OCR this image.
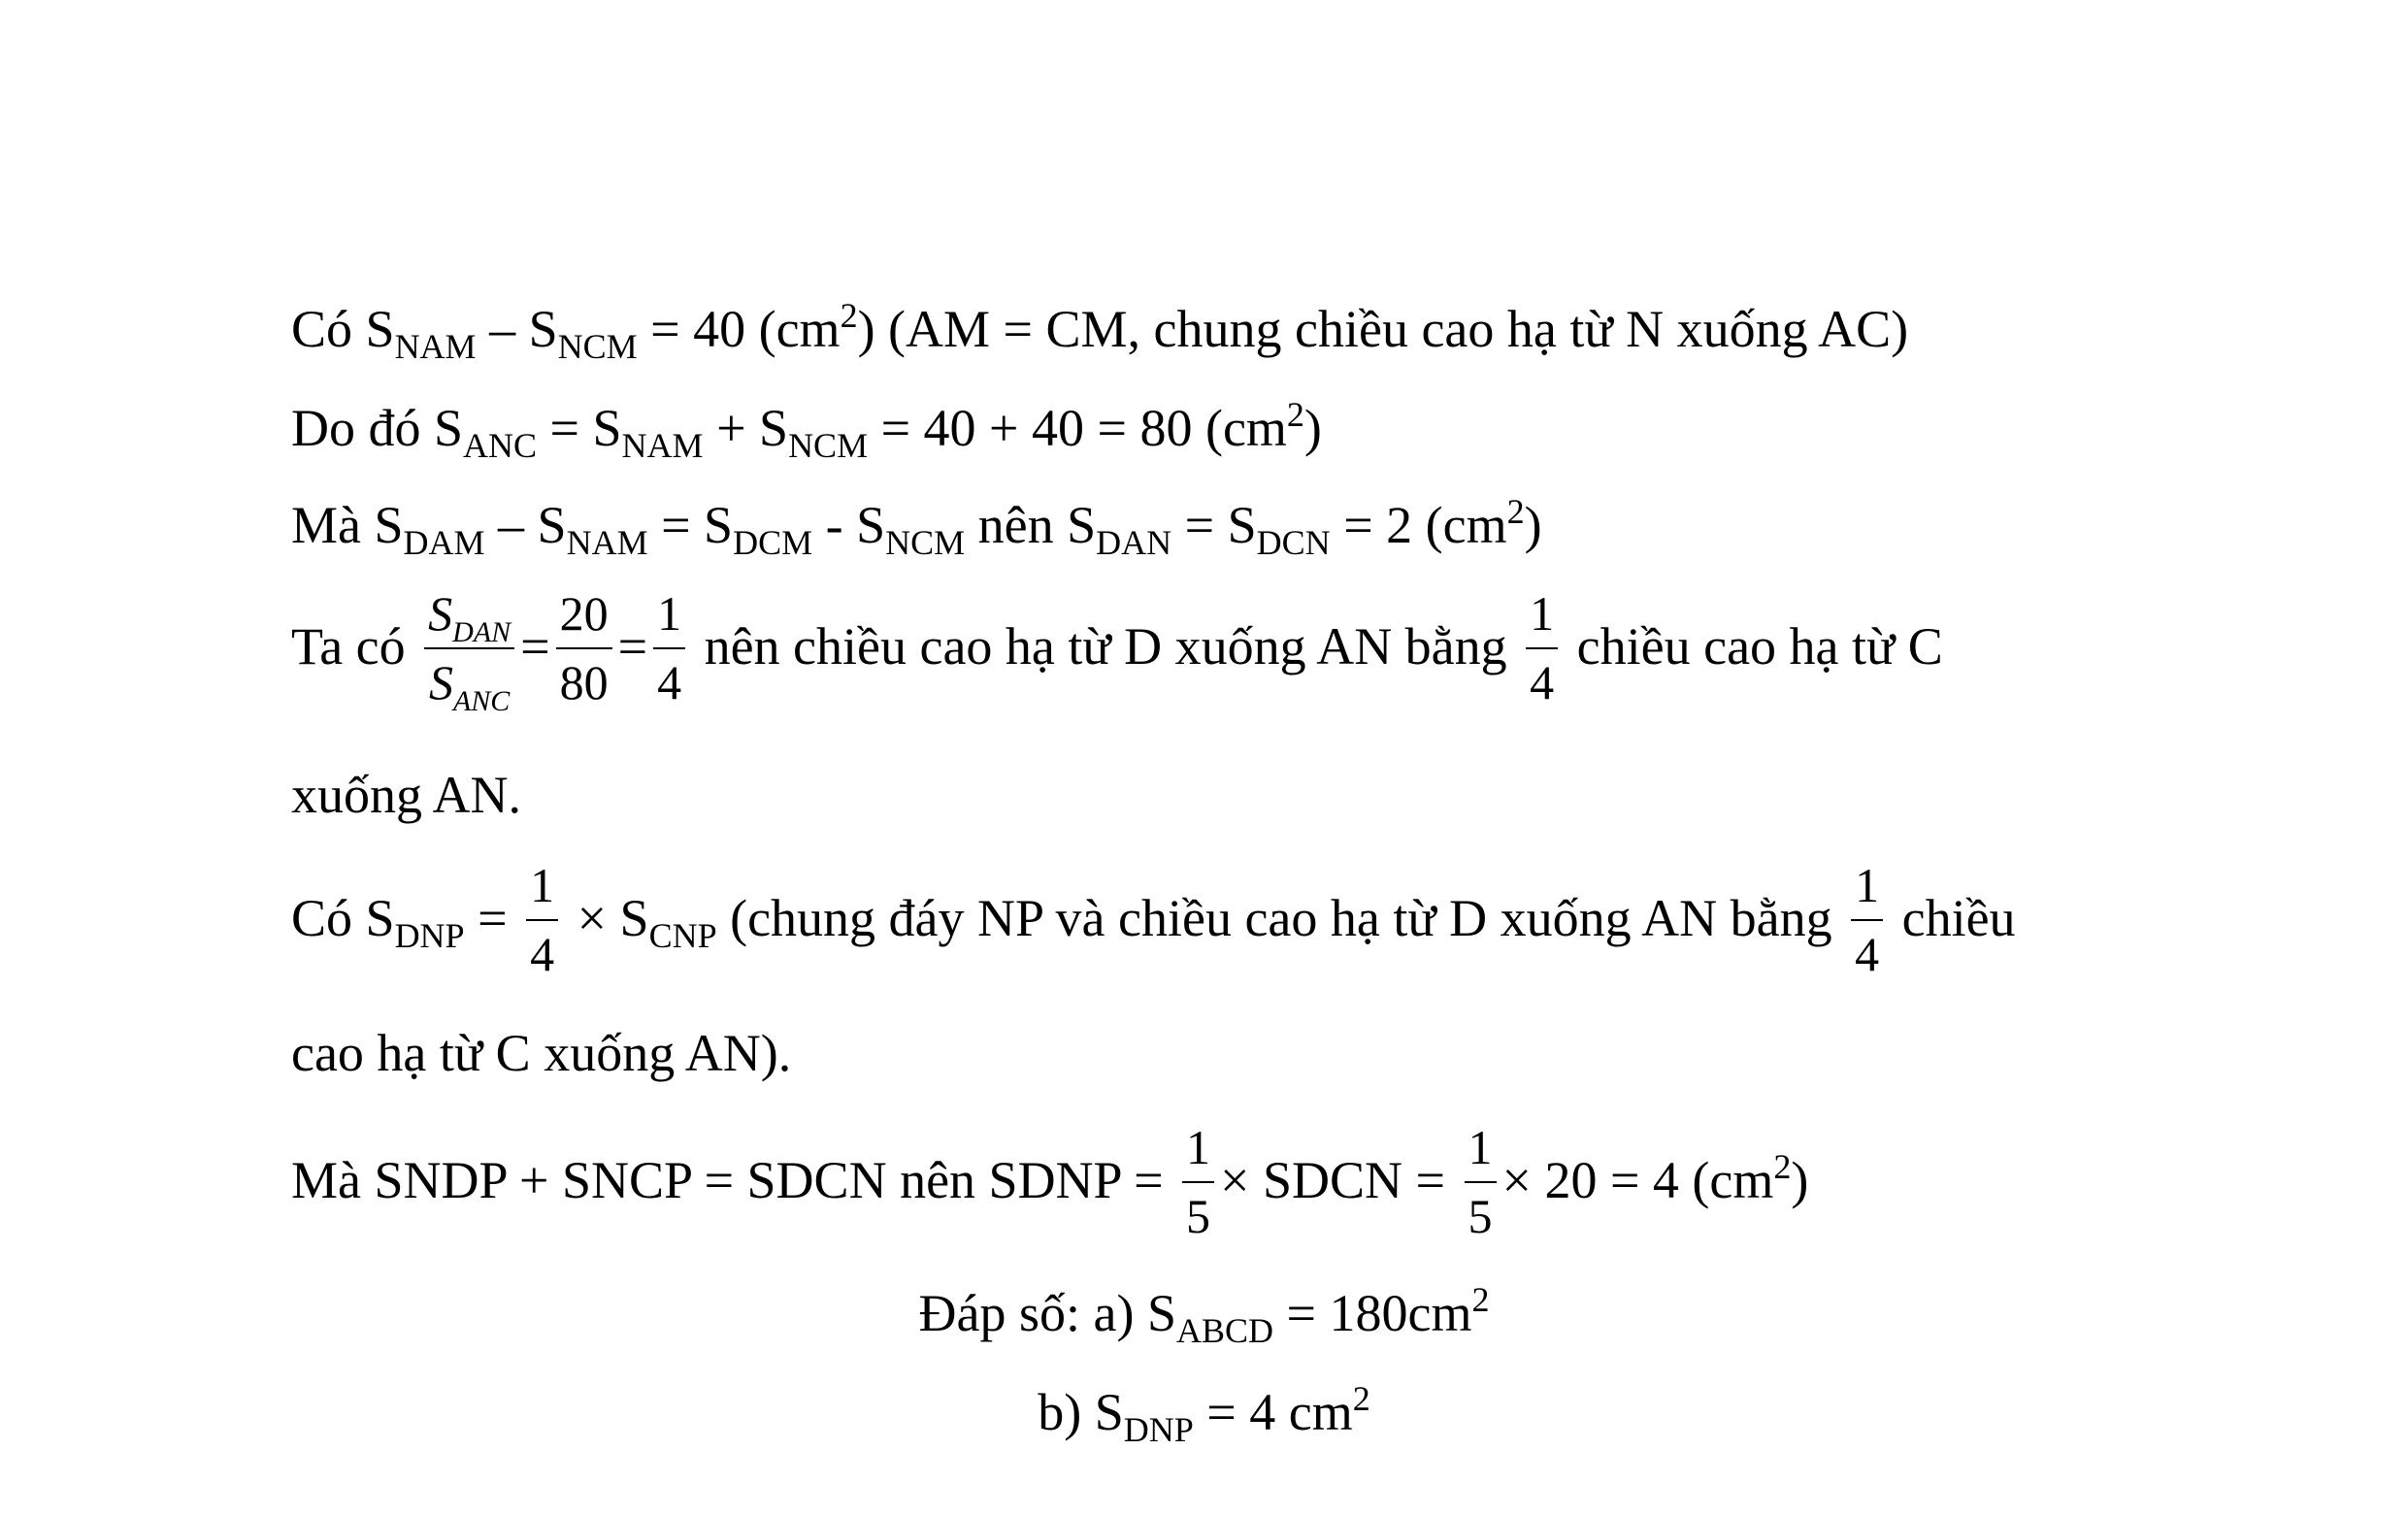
Có $S_{NAM} - S_{NCM} = 40$ $(cm^2) (AM$ = CM, chung chiều cao hạ từ N xuống AC)
Do đó $S_{ANC} = S_{NAM} + S_{NCM} = 40 + 40 = 80$ $(cm^2)$
Mà $S_{DAM} - S_{NAM} = S_{DCM} - S_{NCM}$ nên $S_{DAN} = S_{DCN} = 2$ $(cm^2)$
Ta có $\frac{S_{DAN}}{S_{ANC}} = \frac{20}{80} = \frac{1}{4}$ nên chiều cao hạ từ D xuống AN bằng $\frac{1}{4}$ chiều cao hạ từ C
xuống AN.
Có $S_{DNP} = \frac{1}{4} \times S_{CNP}$ (chung đáy NP và chiều cao hạ từ D xuống AN bằng $\frac{1}{4}$ chiều
cao hạ từ C xuống AN).
Mà SNDP + SNCP = SDCN nên SDNP = $\frac{1}{5}$ × SDCN = $\frac{1}{5} \times 20 = 4$ $(cm^2)$
Đáp số: a) $S_{ABCD} = 180cm^2$
b) $S_{DNP} = 4$ $cm^2$
